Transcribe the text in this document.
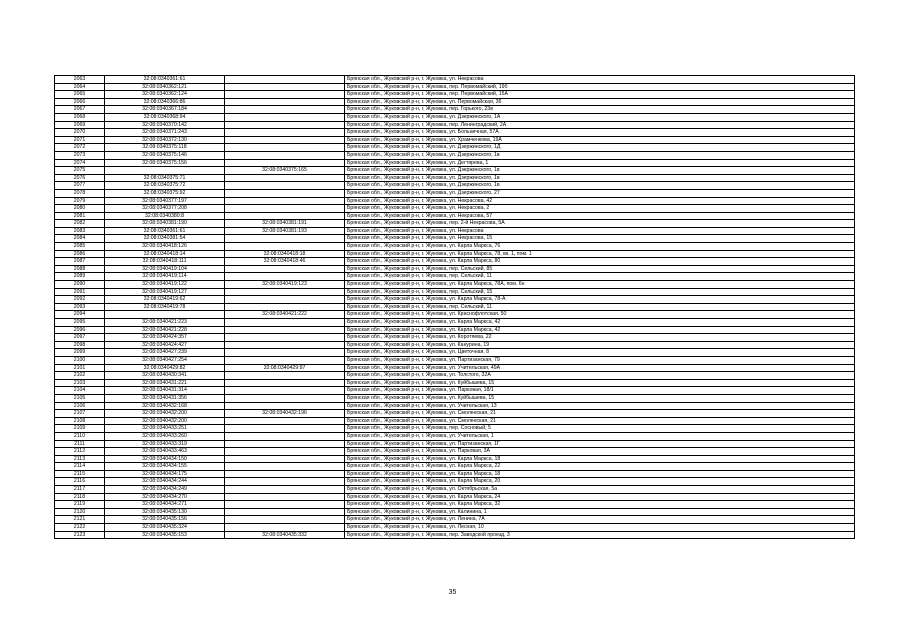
2063	32:08:0340361:61		Брянская обл., Жуковский р-н, г. Жуковка, ул. Некрасова
2064	32:08:0340362:121		Брянская обл., Жуковский р-н, г. Жуковка, пер. Первомайский, 19б
2065	32:08:0340362:124		Брянская обл., Жуковский р-н, г. Жуковка, пер. Первомайский, 15А
2066	32:08:0340366:86		Брянская обл., Жуковский р-н, г. Жуковка, ул. Первомайская, 36
2067	32:08:0340367:184		Брянская обл., Жуковский р-н, г. Жуковка, пер. Горького, 23в
2068	32:08:0340368:94		Брянская обл., Жуковский р-н, г. Жуковка, ул. Дзержинского, 1А
2069	32:08:0340370:142		Брянская обл., Жуковский р-н, г. Жуковка, пер. Ленинградский, 2А
2070	32:08:0340371:243		Брянская обл., Жуковский р-н, г. Жуковка, ул. Больничная, 57А
2071	32:08:0340372:130		Брянская обл., Жуковский р-н, г. Жуковка, ул. Храмченкова, 19А
2072	32:08:0340375:118		Брянская обл., Жуковский р-н, г. Жуковка, ул. Дзержинского, 1Д
2073	32:08:0340375:146		Брянская обл., Жуковский р-н, г. Жуковка, ул. Дзержинского, 1в
2074	32:08:0340375:156		Брянская обл., Жуковский р-н, г. Жуковка, ул. Дегтярева, 1
2075		32:08:0340375:165	Брянская обл., Жуковский р-н, г. Жуковка, ул. Дзержинского, 1в
2076	32:08:0340375:71		Брянская обл., Жуковский р-н, г. Жуковка, ул. Дзержинского, 1в
2077	32:08:0340375:72		Брянская обл., Жуковский р-н, г. Жуковка, ул. Дзержинского, 1в
2078	32:08:0340375:92		Брянская обл., Жуковский р-н, г. Жуковка, ул. Дзержинского, 27
2079	32:08:0340377:197		Брянская обл., Жуковский р-н, г. Жуковка, ул. Некрасова, 42
2080	32:08:0340377:208		Брянская обл., Жуковский р-н, г. Жуковка, ул. Некрасова, 2
2081	32:08:0340380:8		Брянская обл., Жуковский р-н, г. Жуковка, ул. Некрасова, 57
2082	32:08:0340381:190	32:08:0340381:191	Брянская обл., Жуковский р-н, г. Жуковка, пер. 2-й Некрасова, 5А
2083	32:08:0340361:61	32:08:0340381:193	Брянская обл., Жуковский р-н, г. Жуковка, ул. Некрасова
2084	32:08:0340381:54		Брянская обл., Жуковский р-н, г. Жуковка, ул. Некрасова, 15
2085	32:08:0340418:126		Брянская обл., Жуковский р-н, г. Жуковка, ул. Карла Маркса, 76
2086	32:08:0340418:14	32:08:0340418:18	Брянская обл., Жуковский р-н, г. Жуковка, ул. Карла Маркса, 78, кв. 1, пом. 1
2087	32:08:0340418:111	32:08:0340418:46	Брянская обл., Жуковский р-н, г. Жуковка, ул. Карла Маркса, 80
2088	32:08:0340419:104		Брянская обл., Жуковский р-н, г. Жуковка, пер. Сельский, 85
2089	32:08:0340419:114		Брянская обл., Жуковский р-н, г. Жуковка, пер. Сельский, 11
2090	32:08:0340419:122	32:08:0340419:123	Брянская обл., Жуковский р-н, г. Жуковка, ул. Карла Маркса, 78А, пом. 6н
2091	32:08:0340419:127		Брянская обл., Жуковский р-н, г. Жуковка, пер. Сельский, 15
2092	32:08:0340419:62		Брянская обл., Жуковский р-н, г. Жуковка, ул. Карла Маркса, 78-А
2093	32:08:0340419:78		Брянская обл., Жуковский р-н, г. Жуковка, пер. Сельский, 11
2094		32:08:0340421:222	Брянская обл., Жуковский р-н, г. Жуковка, ул. Краснофлотская, 50
2095	32:08:0340421:223		Брянская обл., Жуковский р-н, г. Жуковка, ул. Карла Маркса, 42
2096	32:08:0340421:228		Брянская обл., Жуковский р-н, г. Жуковка, ул. Карла Маркса, 42
2097	32:08:0340424:357		Брянская обл., Жуковский р-н, г. Жуковка, ул. Коротяева, 22
2098	32:08:0340424:427		Брянская обл., Жуковский р-н, г. Жуковка, ул. Канурина, 19
2099	32:08:0340427:239		Брянская обл., Жуковский р-н, г. Жуковка, ул. Цветочная, 8
2100	32:08:0340427:254		Брянская обл., Жуковский р-н, г. Жуковка, ул. Партизанская, 79
2101	32:08:0340429:82	32:08:0340429:97	Брянская обл., Жуковский р-н, г. Жуковка, ул. Учительская, 49А
2102	32:08:0340430:341		Брянская обл., Жуковский р-н, г. Жуковка, ул. Толстого, 32А
2103	32:08:0340431:221		Брянская обл., Жуковский р-н, г. Жуковка, ул. Куйбышева, 15
2104	32:08:0340431:314		Брянская обл., Жуковский р-н, г. Жуковка, ул. Парковая, 18/1
2105	32:08:0340431:356		Брянская обл., Жуковский р-н, г. Жуковка, ул. Куйбышева, 15
2106	32:08:0340432:168		Брянская обл., Жуковский р-н, г. Жуковка, ул. Учительская, 13
2107	32:08:0340432:200	32:08:0340432:196	Брянская обл., Жуковский р-н, г. Жуковка, ул. Смоленская, 21
2108	32:08:0340432:200		Брянская обл., Жуковский р-н, г. Жуковка, ул. Смоленская, 21
2109	32:08:0340433:251		Брянская обл., Жуковский р-н, г. Жуковка, пер. Сосновый, 5
2110	32:08:0340433:260		Брянская обл., Жуковский р-н, г. Жуковка, ул. Учительская, 1
2111	32:08:0340433:319		Брянская обл., Жуковский р-н, г. Жуковка, ул. Партизанская, 1Г
2112	32:08:0340433:463		Брянская обл., Жуковский р-н, г. Жуковка, ул. Парковая, 3А
2113	32:08:0340434:150		Брянская обл., Жуковский р-н, г. Жуковка, ул. Карла Маркса, 18
2114	32:08:0340434:155		Брянская обл., Жуковский р-н, г. Жуковка, ул. Карла Маркса, 22
2115	32:08:0340434:175		Брянская обл., Жуковский р-н, г. Жуковка, ул. Карла Маркса, 18
2116	32:08:0340434:244		Брянская обл., Жуковский р-н, г. Жуковка, ул. Карла Маркса, 20
2117	32:08:0340434:249		Брянская обл., Жуковский р-н, г. Жуковка, ул. Октябрьская, 5а
2118	32:08:0340434:270		Брянская обл., Жуковский р-н, г. Жуковка, ул. Карла Маркса, 24
2119	32:08:0340434:271		Брянская обл., Жуковский р-н, г. Жуковка, ул. Карла Маркса, 32
2120	32:08:0340435:130		Брянская обл., Жуковский р-н, г. Жуковка, ул. Калинина, 1
2121	32:08:0340435:156		Брянская обл., Жуковский р-н, г. Жуковка, ул. Ленина, 7А
2122	32:08:0340435:324		Брянская обл., Жуковский р-н, г. Жуковка, ул. Лесная, 10
2123	32:08:0340435:153	32:08:0340435:332	Брянская обл., Жуковский р-н, г. Жуковка, пер. Заводской проезд, 3
35
